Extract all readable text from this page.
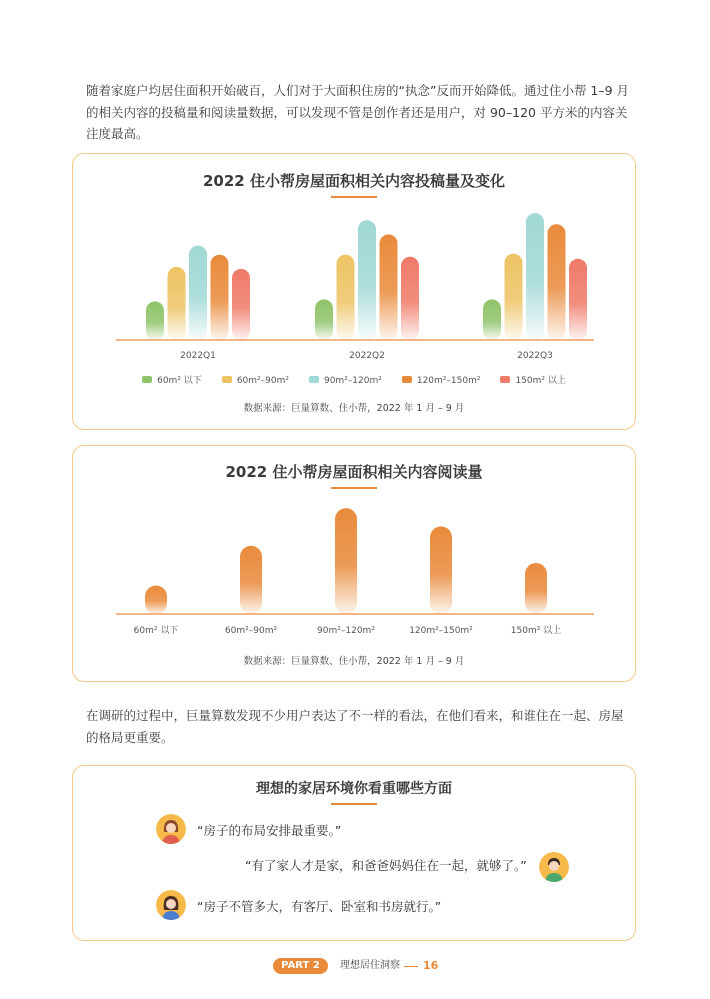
随着家庭户均居住面积开始破百，人们对于大面积住房的“执念”反而开始降低。通过住小帮 1–9 月的相关内容的投稿量和阅读量数据，可以发现不管是创作者还是用户，对 90–120 平方米的内容关注度最高。

2022 住小帮房屋面积相关内容投稿量及变化
2022Q1	2022Q2	2022Q3
60m² 以下	60m²–90m²	90m²–120m²	120m²–150m²	150m² 以上
数据来源：巨量算数、住小帮，2022 年 1 月 – 9 月
2022 住小帮房屋面积相关内容阅读量
60m² 以下	60m²–90m²	90m²–120m²	120m²–150m²	150m² 以上
数据来源：巨量算数、住小帮，2022 年 1 月 – 9 月

在调研的过程中，巨量算数发现不少用户表达了不一样的看法，在他们看来，和谁住在一起、房屋的格局更重要。

理想的家居环境你看重哪些方面
“房子的布局安排最重要。”
“有了家人才是家，和爸爸妈妈住在一起，就够了。”
“房子不管多大，有客厅、卧室和书房就行。”
PART 2	理想居住洞察 16
